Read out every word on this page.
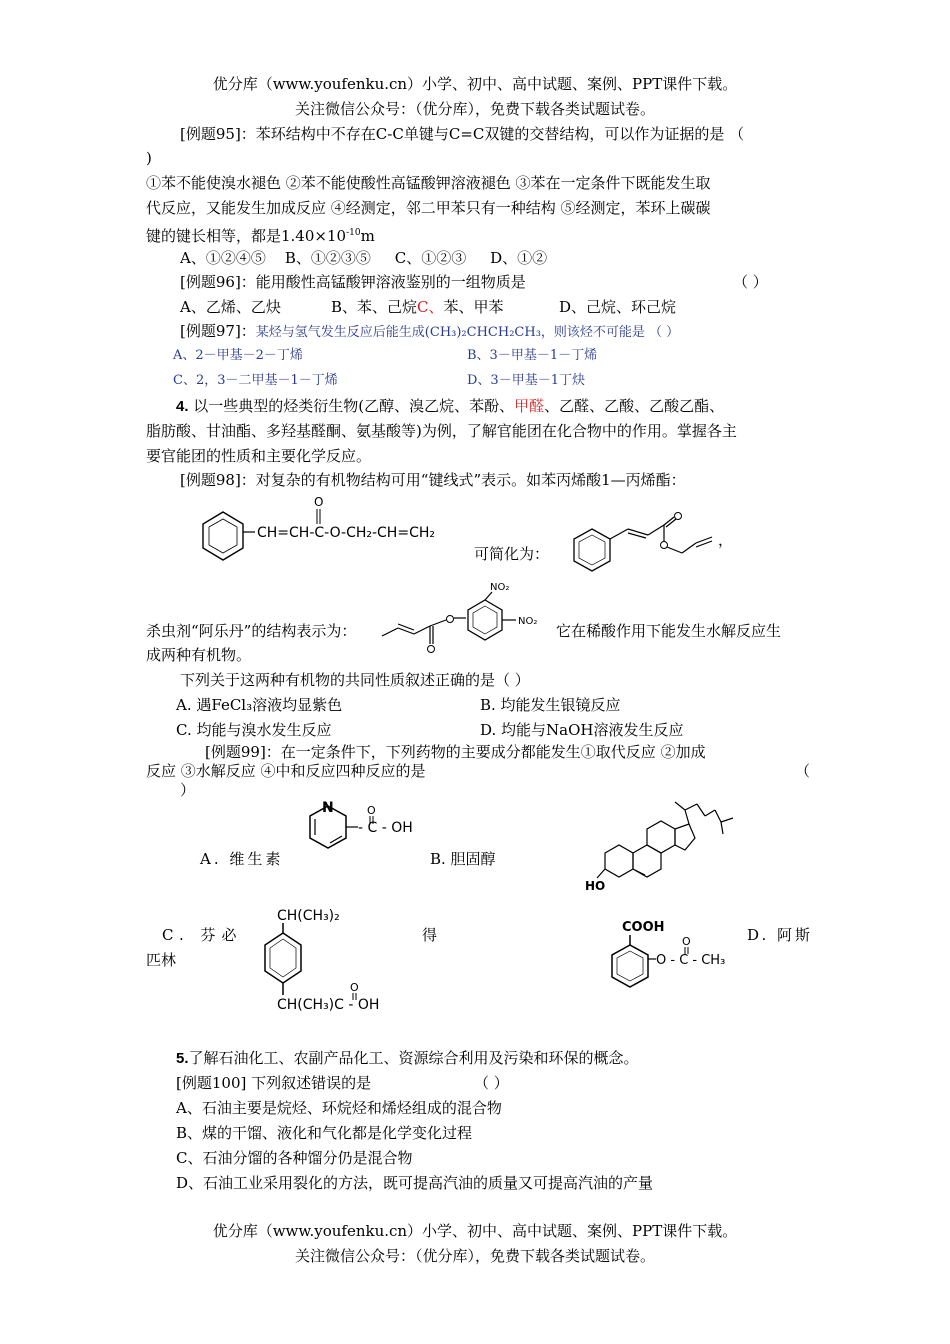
优分库（www.youfenku.cn）小学、初中、高中试题、案例、PPT课件下载。
关注微信公众号：（优分库），免费下载各类试题试卷。
[例题95]：苯环结构中不存在C-C单键与C=C双键的交替结构，可以作为证据的是 （
)
①苯不能使溴水褪色 ②苯不能使酸性高锰酸钾溶液褪色 ③苯在一定条件下既能发生取
代反应，又能发生加成反应 ④经测定，邻二甲苯只有一种结构 ⑤经测定，苯环上碳碳
键的键长相等，都是$1.40\times 10^{-10}m$
A、①②④⑤    B、①②③⑤     C、①②③     D、①②
[例题96]：能用酸性高锰酸钾溶液鉴别的一组物质是	（ ）
A、乙烯、乙炔	B、苯、己烷C、苯、甲苯	D、己烷、环己烷
[例题97]：某烃与氢气发生反应后能生成(CH₃)₂CHCH₂CH₃，则该烃不可能是 （ ）
A、2－甲基－2－丁烯	B、3－甲基－1－丁烯
C、2，3－二甲基－1－丁烯	D、3－甲基－1丁炔
4. 以一些典型的烃类衍生物(乙醇、溴乙烷、苯酚、甲醛、乙醛、乙酸、乙酸乙酯、
脂肪酸、甘油酯、多羟基醛酮、氨基酸等)为例，了解官能团在化合物中的作用。掌握各主
要官能团的性质和主要化学反应。
[例题98]：对复杂的有机物结构可用“键线式”表示。如苯丙烯酸1—丙烯酯：
CH=CH-C-O-CH₂-CH=CH₂
O
可简化为：
，
杀虫剂“阿乐丹”的结构表示为：
NO₂
NO₂
它在稀酸作用下能发生水解反应生
成两种有机物。
下列关于这两种有机物的共同性质叙述正确的是（ ）
A. 遇FeCl₃溶液均显紫色	B. 均能发生银镜反应
C. 均能与溴水发生反应	D. 均能与NaOH溶液发生反应
[例题99]：在一定条件下，下列药物的主要成分都能发生①取代反应 ②加成
反应 ③水解反应 ④中和反应四种反应的是	（
）
A. 维生素
N
- C - OH
O
B. 胆固醇
HO
C. 芬必	得
匹林
CH(CH₃)₂
CH(CH₃)C - OH
O
COOH
O - C - CH₃
O	D. 阿斯
5.了解石油化工、农副产品化工、资源综合利用及污染和环保的概念。
[例题100] 下列叙述错误的是	（ ）
A、石油主要是烷烃、环烷烃和烯烃组成的混合物
B、煤的干馏、液化和气化都是化学变化过程
C、石油分馏的各种馏分仍是混合物
D、石油工业采用裂化的方法，既可提高汽油的质量又可提高汽油的产量
优分库（www.youfenku.cn）小学、初中、高中试题、案例、PPT课件下载。
关注微信公众号：（优分库），免费下载各类试题试卷。
